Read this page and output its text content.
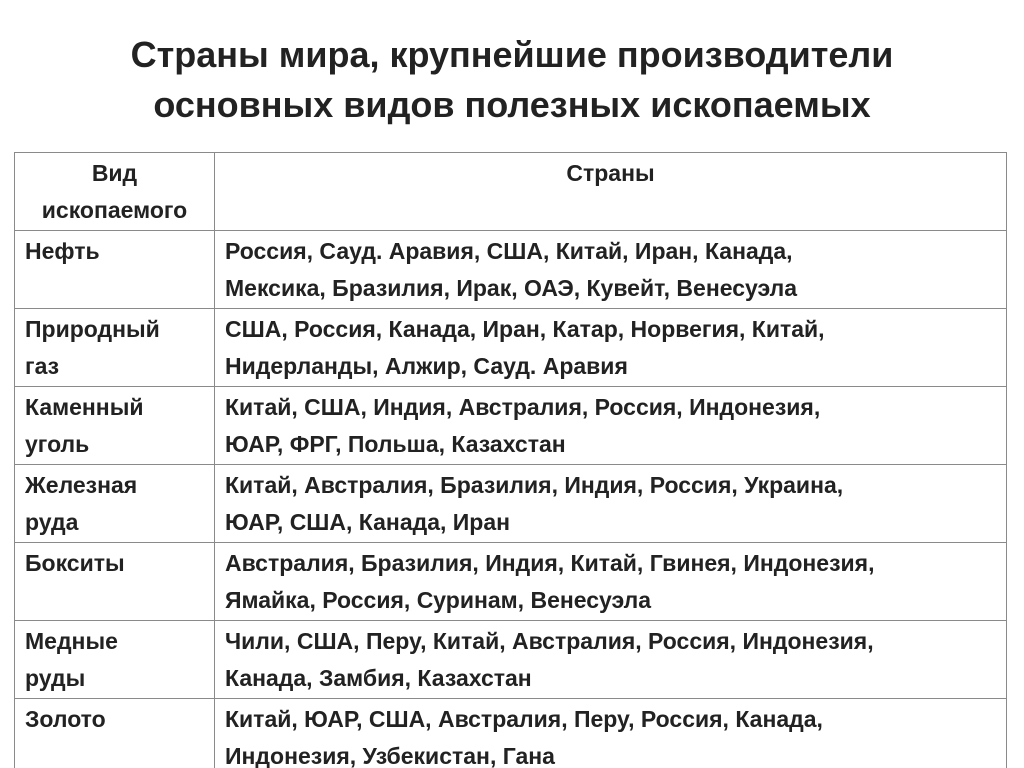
Страны мира, крупнейшие производители
основных видов полезных ископаемых
Вид
ископаемого	Страны

Нефть	Россия, Сауд. Аравия, США, Китай, Иран, Канада,
Мексика, Бразилия, Ирак, ОАЭ, Кувейт, Венесуэла

Природный
газ	США, Россия, Канада, Иран, Катар, Норвегия, Китай,
Нидерланды, Алжир, Сауд. Аравия

Каменный
уголь	Китай, США, Индия, Австралия, Россия, Индонезия,
ЮАР, ФРГ, Польша, Казахстан

Железная
руда	Китай, Австралия, Бразилия, Индия, Россия, Украина,
ЮАР, США, Канада, Иран

Бокситы	Австралия, Бразилия, Индия, Китай, Гвинея, Индонезия,
Ямайка, Россия, Суринам, Венесуэла

Медные
руды	Чили, США, Перу, Китай, Австралия, Россия, Индонезия,
Канада, Замбия, Казахстан

Золото	Китай, ЮАР, США, Австралия, Перу, Россия, Канада,
Индонезия, Узбекистан, Гана
